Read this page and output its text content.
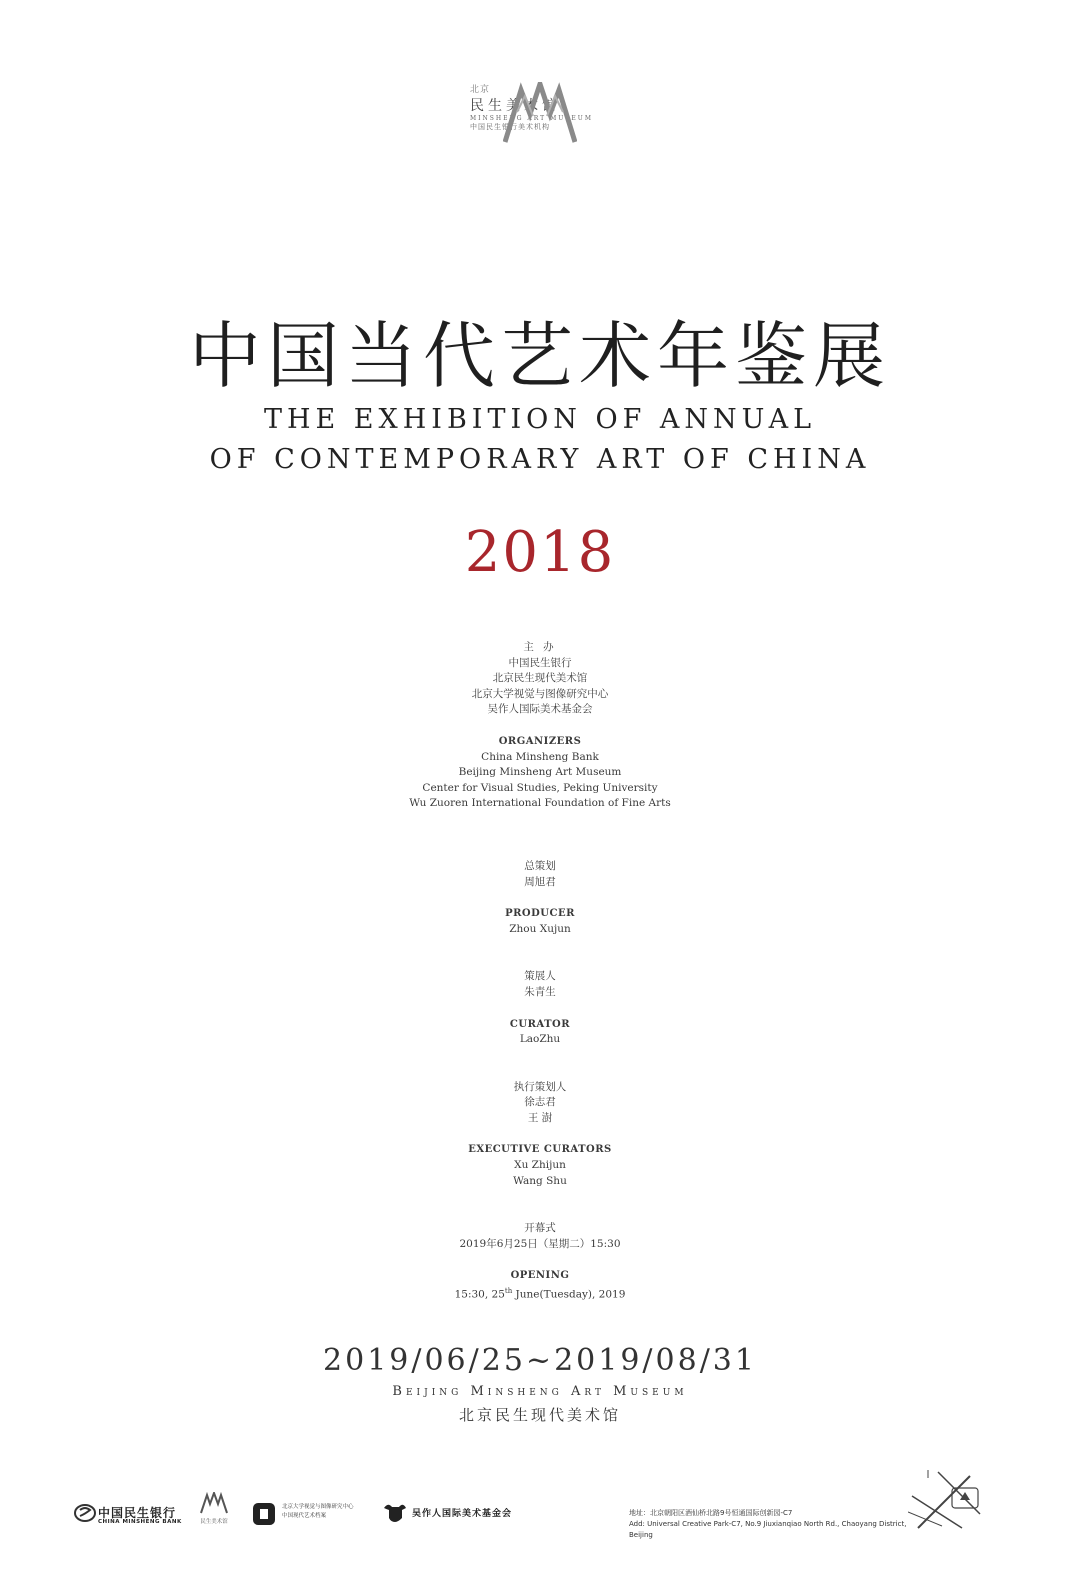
北京
民生美术馆
MINSHENG ART MUSEUM
中国民生银行美术机构
中国当代艺术年鉴展
THE EXHIBITION OF ANNUAL
OF CONTEMPORARY ART OF CHINA
2018
主 办
中国民生银行
北京民生现代美术馆
北京大学视觉与图像研究中心
吴作人国际美术基金会
ORGANIZERS
China Minsheng Bank
Beijing Minsheng Art Museum
Center for Visual Studies, Peking University
Wu Zuoren International Foundation of Fine Arts
总策划
周旭君
PRODUCER
Zhou Xujun
策展人
朱青生
CURATOR
LaoZhu
执行策划人
徐志君
王 澍
EXECUTIVE CURATORS
Xu Zhijun
Wang Shu
开幕式
2019年6月25日（星期二）15:30
OPENING
15:30, 25th June(Tuesday), 2019
2019/06/25~2019/08/31
Beijing Minsheng Art Museum
北京民生现代美术馆
中国民生银行
CHINA MINSHENG BANK	民生美术馆
北京大学视觉与图像研究中心
中国现代艺术档案	吴作人国际美术基金会	地址：北京朝阳区酒仙桥北路9号恒通国际创新园-C7
Add: Universal Creative Park-C7, No.9 Jiuxianqiao North Rd., Chaoyang District, Beijing
